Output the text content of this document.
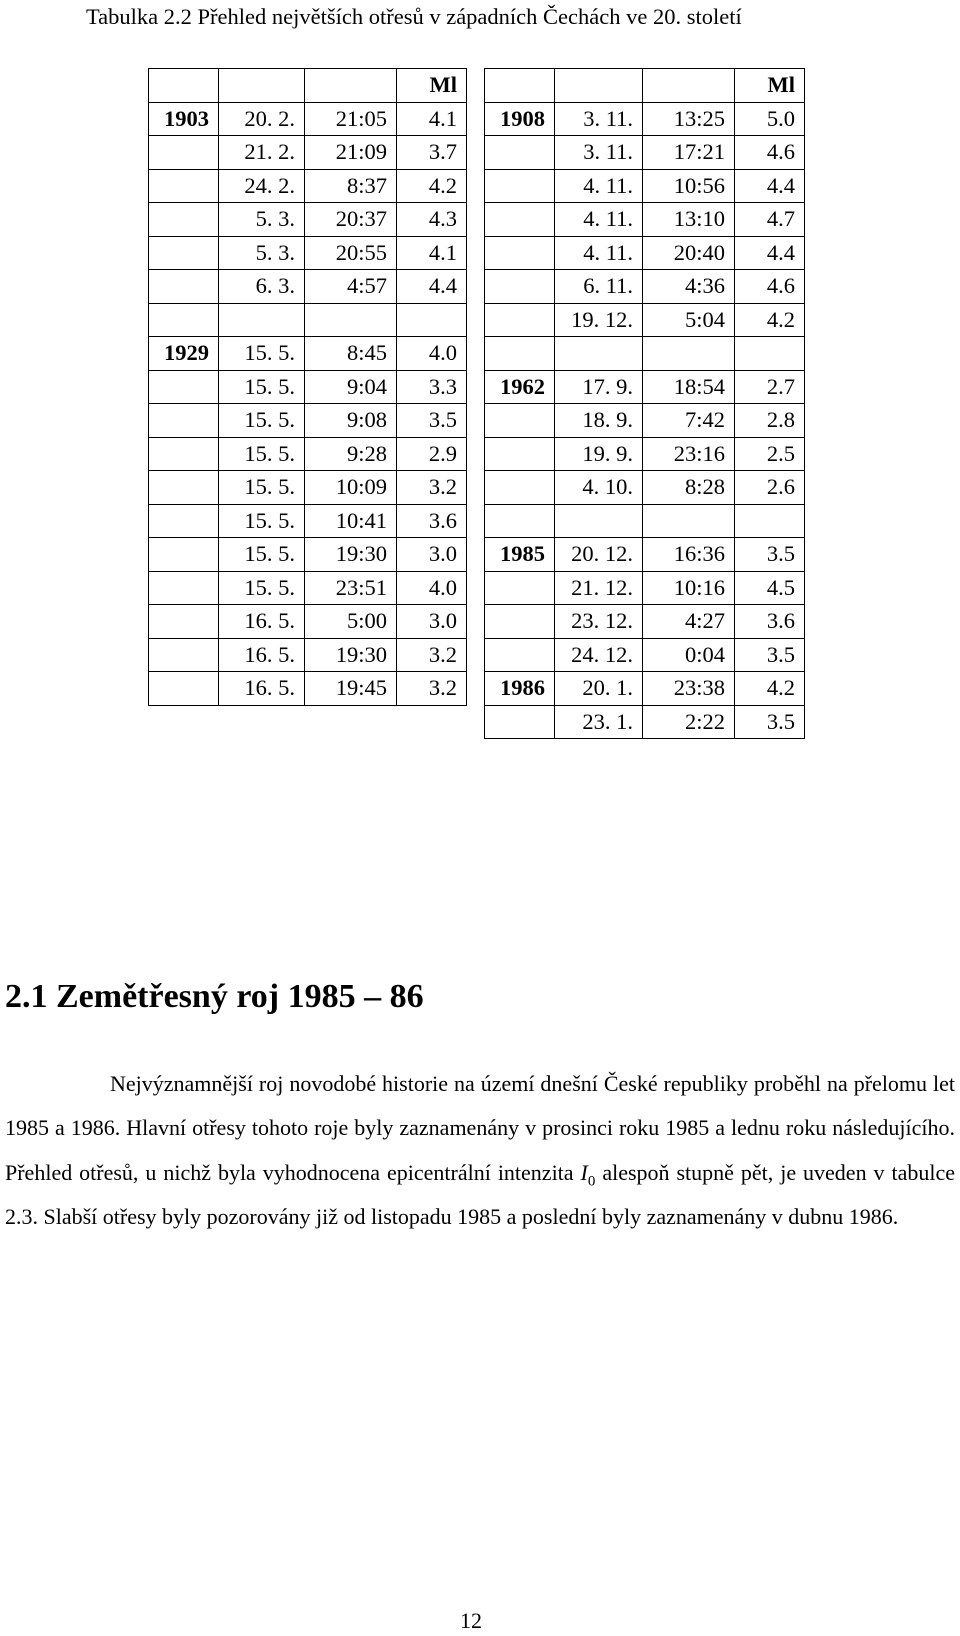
Tabulka 2.2 Přehled největších otřesů v západních Čechách ve 20. století
			Ml
1903	20. 2.	21:05	4.1
	21. 2.	21:09	3.7
	24. 2.	8:37	4.2
	5. 3.	20:37	4.3
	5. 3.	20:55	4.1
	6. 3.	4:57	4.4

1929	15. 5.	8:45	4.0
	15. 5.	9:04	3.3
	15. 5.	9:08	3.5
	15. 5.	9:28	2.9
	15. 5.	10:09	3.2
	15. 5.	10:41	3.6
	15. 5.	19:30	3.0
	15. 5.	23:51	4.0
	16. 5.	5:00	3.0
	16. 5.	19:30	3.2
	16. 5.	19:45	3.2
			Ml
1908	3. 11.	13:25	5.0
	3. 11.	17:21	4.6
	4. 11.	10:56	4.4
	4. 11.	13:10	4.7
	4. 11.	20:40	4.4
	6. 11.	4:36	4.6
	19. 12.	5:04	4.2

1962	17. 9.	18:54	2.7
	18. 9.	7:42	2.8
	19. 9.	23:16	2.5
	4. 10.	8:28	2.6

1985	20. 12.	16:36	3.5
	21. 12.	10:16	4.5
	23. 12.	4:27	3.6
	24. 12.	0:04	3.5
1986	20. 1.	23:38	4.2
	23. 1.	2:22	3.5
2.1 Zemětřesný roj 1985 – 86

Nejvýznamnější roj novodobé historie na území dnešní České republiky proběhl na přelomu let 1985 a 1986. Hlavní otřesy tohoto roje byly zaznamenány v prosinci roku 1985 a lednu roku následujícího. Přehled otřesů, u nichž byla vyhodnocena epicentrální intenzita $I_0$ alespoň stupně pět, je uveden v tabulce 2.3. Slabší otřesy byly pozorovány již od listopadu 1985 a poslední byly zaznamenány v dubnu 1986.

12
